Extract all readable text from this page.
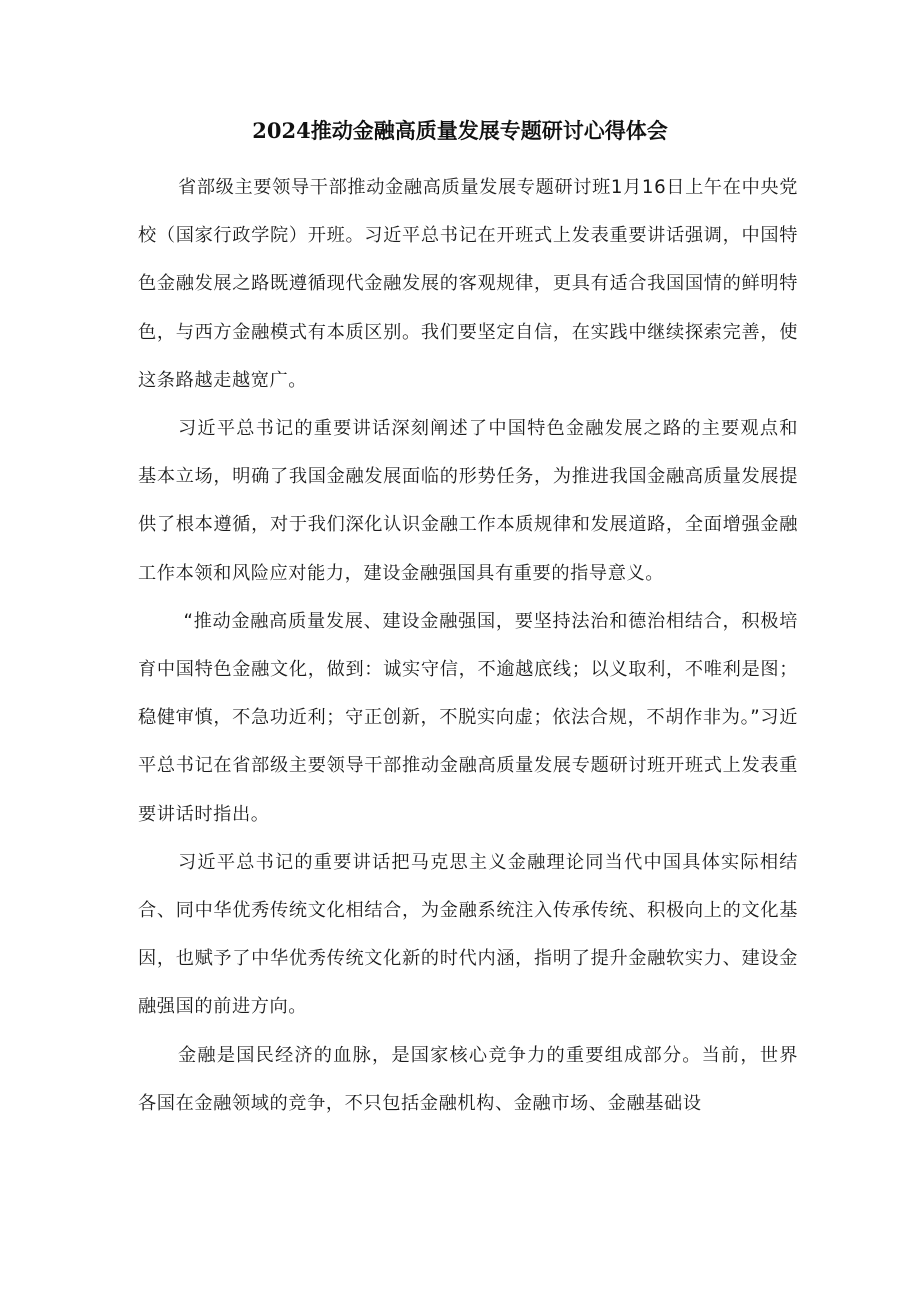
2024推动金融高质量发展专题研讨心得体会

省部级主要领导干部推动金融高质量发展专题研讨班1月16日上午在中央党校（国家行政学院）开班。习近平总书记在开班式上发表重要讲话强调，中国特色金融发展之路既遵循现代金融发展的客观规律，更具有适合我国国情的鲜明特色，与西方金融模式有本质区别。我们要坚定自信，在实践中继续探索完善，使这条路越走越宽广。

习近平总书记的重要讲话深刻阐述了中国特色金融发展之路的主要观点和基本立场，明确了我国金融发展面临的形势任务，为推进我国金融高质量发展提供了根本遵循，对于我们深化认识金融工作本质规律和发展道路，全面增强金融工作本领和风险应对能力，建设金融强国具有重要的指导意义。

“推动金融高质量发展、建设金融强国，要坚持法治和德治相结合，积极培育中国特色金融文化，做到：诚实守信，不逾越底线；以义取利，不唯利是图；稳健审慎，不急功近利；守正创新，不脱实向虚；依法合规，不胡作非为。”习近平总书记在省部级主要领导干部推动金融高质量发展专题研讨班开班式上发表重要讲话时指出。

习近平总书记的重要讲话把马克思主义金融理论同当代中国具体实际相结合、同中华优秀传统文化相结合，为金融系统注入传承传统、积极向上的文化基因，也赋予了中华优秀传统文化新的时代内涵，指明了提升金融软实力、建设金融强国的前进方向。

金融是国民经济的血脉，是国家核心竞争力的重要组成部分。当前，世界各国在金融领域的竞争，不只包括金融机构、金融市场、金融基础设
